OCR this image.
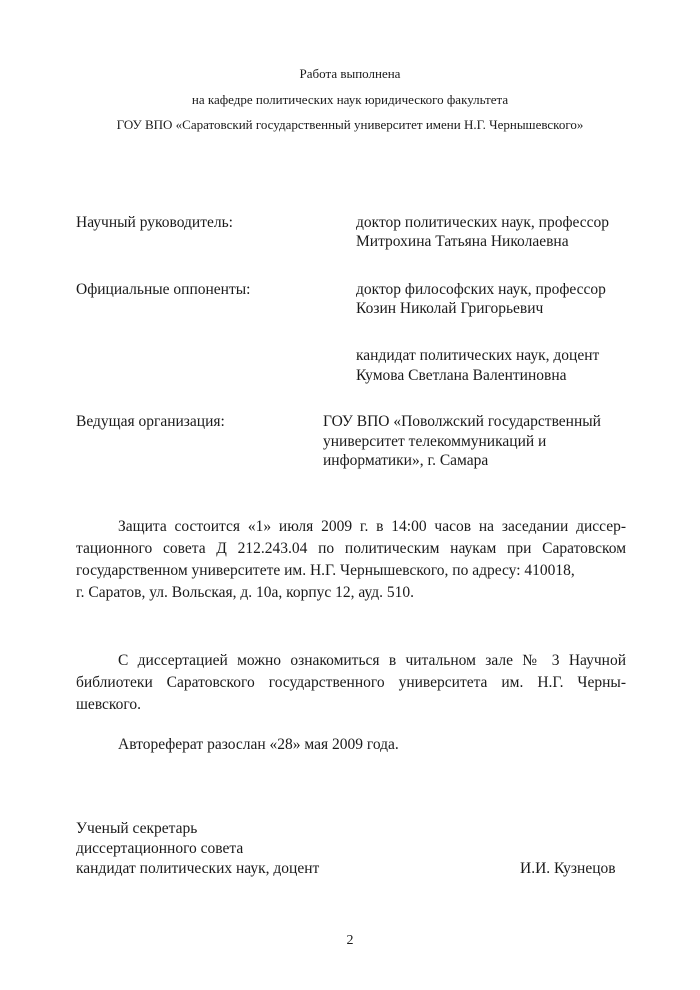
Работа выполнена
на кафедре политических наук юридического факультета
ГОУ ВПО «Саратовский государственный университет имени Н.Г. Чернышевского»
Научный руководитель:	доктор политических наук, профессор
Митрохина Татьяна Николаевна
Официальные оппоненты:	доктор философских наук, профессор
Козин Николай Григорьевич
кандидат политических наук, доцент
Кумова Светлана Валентиновна
Ведущая организация:	ГОУ ВПО «Поволжский государственный
университет телекоммуникаций и
информатики», г. Самара
Защита состоится «1» июля 2009 г. в 14:00 часов на заседании диссер-
тационного совета Д 212.243.04 по политическим наукам при Саратовском
государственном университете им. Н.Г. Чернышевского, по адресу: 410018,
г. Саратов, ул. Вольская, д. 10а, корпус 12, ауд. 510.
С диссертацией можно ознакомиться в читальном зале № 3 Научной
библиотеки Саратовского государственного университета им. Н.Г. Черны-
шевского.
Автореферат разослан «28» мая 2009 года.
Ученый секретарь
диссертационного совета
кандидат политических наук, доцент	И.И. Кузнецов
2
